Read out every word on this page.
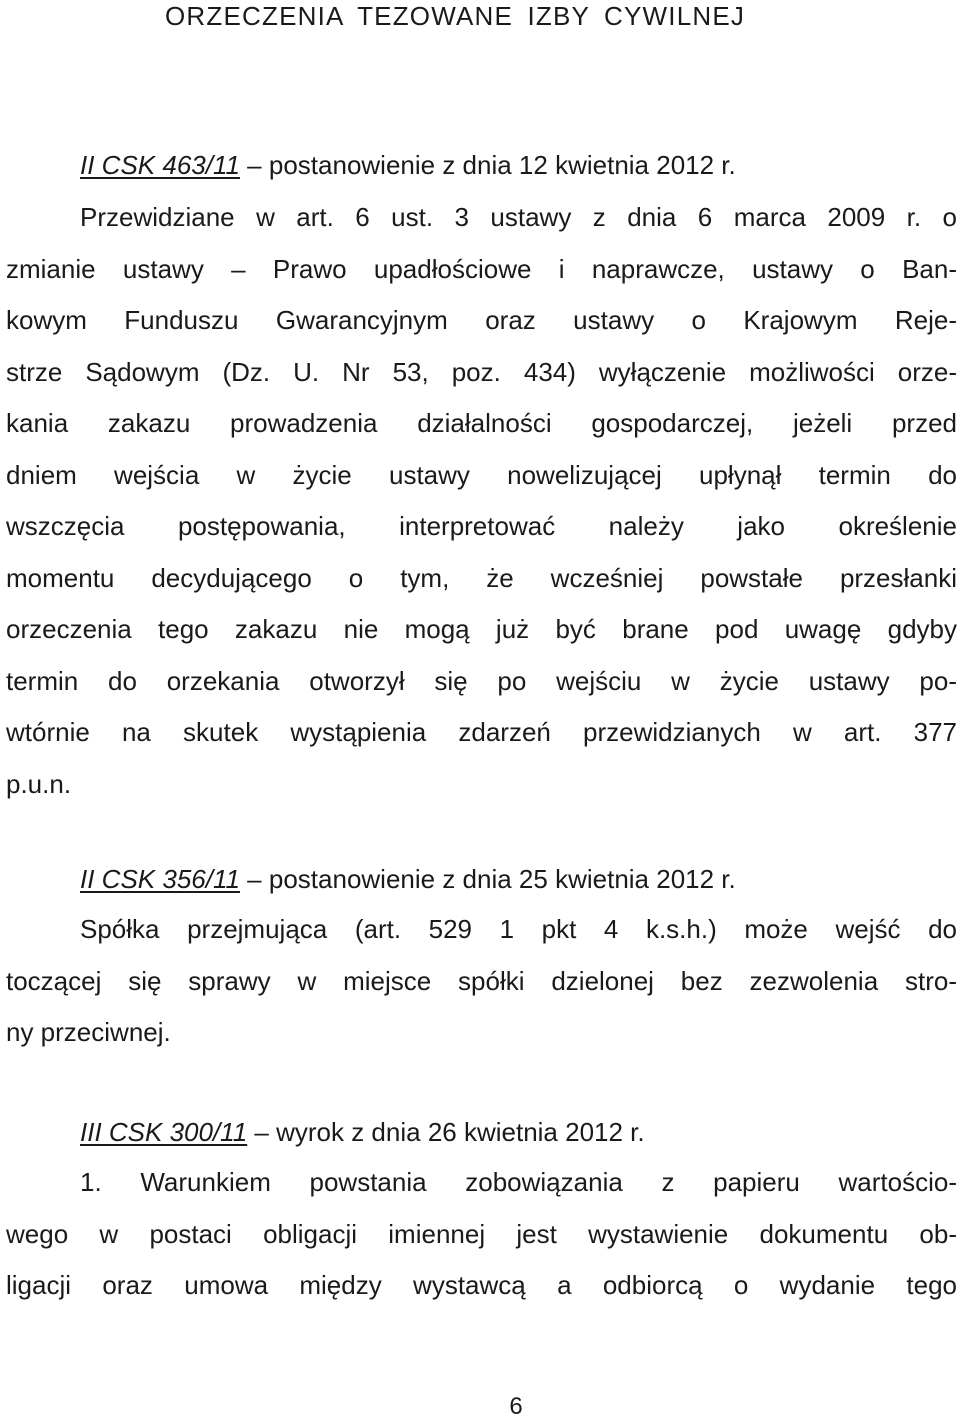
ORZECZENIA TEZOWANE IZBY CYWILNEJ

II CSK 463/11 – postanowienie z dnia 12 kwietnia 2012 r.

Przewidziane w art. 6 ust. 3 ustawy z dnia 6 marca 2009 r. o
zmianie ustawy – Prawo upadłościowe i naprawcze, ustawy o Ban-
kowym Funduszu Gwarancyjnym oraz ustawy o Krajowym Reje-
strze Sądowym (Dz. U. Nr 53, poz. 434) wyłączenie możliwości orze-
kania zakazu prowadzenia działalności gospodarczej, jeżeli przed
dniem wejścia w życie ustawy nowelizującej upłynął termin do
wszczęcia postępowania, interpretować należy jako określenie
momentu decydującego o tym, że wcześniej powstałe przesłanki
orzeczenia tego zakazu nie mogą już być brane pod uwagę gdyby
termin do orzekania otworzył się po wejściu w życie ustawy po-
wtórnie na skutek wystąpienia zdarzeń przewidzianych w art. 377
p.u.n.

II CSK 356/11 – postanowienie z dnia 25 kwietnia 2012 r.

Spółka przejmująca (art. 529 1 pkt 4 k.s.h.) może wejść do
toczącej się sprawy w miejsce spółki dzielonej bez zezwolenia stro-
ny przeciwnej.

III CSK 300/11 – wyrok z dnia 26 kwietnia 2012 r.

1. Warunkiem powstania zobowiązania z papieru wartościo-
wego w postaci obligacji imiennej jest wystawienie dokumentu ob-
ligacji oraz umowa między wystawcą a odbiorcą o wydanie tego

6
